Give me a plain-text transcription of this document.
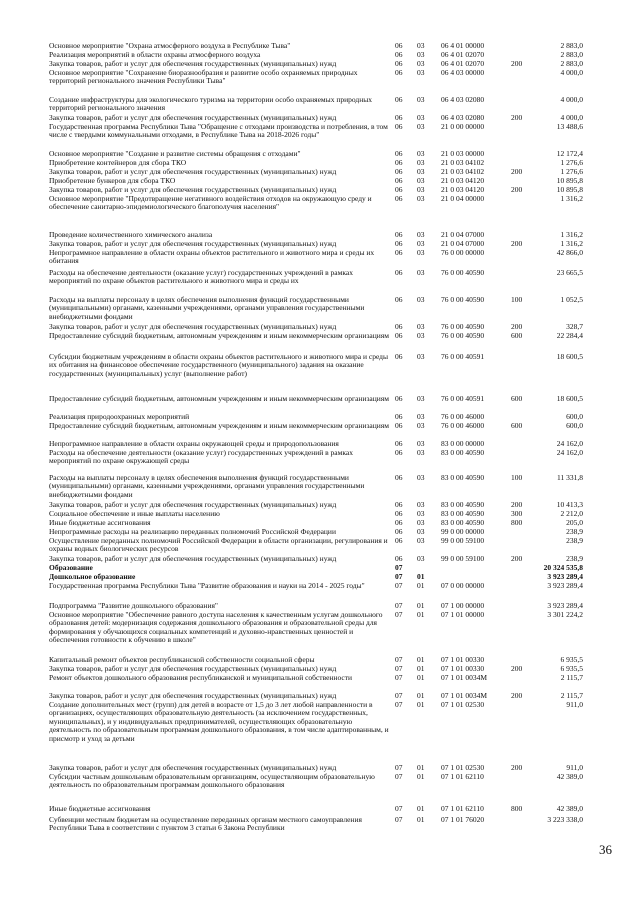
Основное мероприятие "Охрана атмосферного воздуха в Республике Тыва"	06 03 06 4 01 00000	2 883,0
Реализация мероприятий в области охраны атмосферного воздуха	06 03 06 4 01 02070	2 883,0
Закупка товаров, работ и услуг для обеспечения государственных (муниципальных) нужд	06 03 06 4 01 02070	200	2 883,0
Основное мероприятие "Сохранение биоразнообразия и развитие особо охраняемых природных территорий регионального значения Республики Тыва"
06 03 06 4 03 00000	4 000,0
Создание инфраструктуры для экологического туризма на территории особо охраняемых природных территорий регионального значения
06 03 06 4 03 02080	4 000,0
Закупка товаров, работ и услуг для обеспечения государственных (муниципальных) нужд	06 03 06 4 03 02080	200	4 000,0
Государственная программа Республики Тыва "Обращение с отходами производства и потребления, в том числе с твердыми коммунальными отходами, в Республике Тыва на 2018-2026 годы"
06 03 21 0 00 00000	13 488,6
Основное мероприятие "Создание и развитие системы обращения с отходами"	06 03 21 0 03 00000	12 172,4
Приобретение контейнеров для сбора ТКО	06 03 21 0 03 04102	1 276,6
Закупка товаров, работ и услуг для обеспечения государственных (муниципальных) нужд	06 03 21 0 03 04102	200	1 276,6
Приобретение бункеров для сбора ТКО	06 03 21 0 03 04120	10 895,8
Закупка товаров, работ и услуг для обеспечения государственных (муниципальных) нужд	06 03 21 0 03 04120	200	10 895,8
Основное мероприятие "Предотвращение негативного воздействия отходов на окружающую среду и обеспечение санитарно-эпидемиологического благополучия населения"
06 03 21 0 04 00000	1 316,2
Проведение количественного химического анализа	06 03 21 0 04 07000	1 316,2
Закупка товаров, работ и услуг для обеспечения государственных (муниципальных) нужд	06 03 21 0 04 07000	200	1 316,2
Непрограммное направление в области охраны объектов растительного и животного мира и среды их обитания
06 03 76 0 00 00000	42 866,0
Расходы на обеспечение деятельности (оказание услуг) государственных учреждений в рамках мероприятий по охране объектов растительного и животного мира и среды их
06 03 76 0 00 40590	23 665,5
Расходы на выплаты персоналу в целях обеспечения выполнения функций государственными (муниципальными) органами, казенными учреждениями, органами управления государственными внебюджетными фондами
06 03 76 0 00 40590	100	1 052,5
Закупка товаров, работ и услуг для обеспечения государственных (муниципальных) нужд	06 03 76 0 00 40590	200	328,7
Предоставление субсидий бюджетным, автономным учреждениям и иным некоммерческим организациям 06 03 76 0 00 40590	600	22 284,4
Субсидии бюджетным учреждениям в области охраны объектов растительного и животного мира и среды их обитания на финансовое обеспечение государственного (муниципального) задания на оказание государственных (муниципальных) услуг (выполнение работ)
06 03 76 0 00 40591	18 600,5
Предоставление субсидий бюджетным, автономным учреждениям и иным некоммерческим организациям 06 03 76 0 00 40591	600	18 600,5
Реализация природоохранных мероприятий	06 03 76 0 00 46000	600,0
Предоставление субсидий бюджетным, автономным учреждениям и иным некоммерческим организациям 06 03 76 0 00 46000	600	600,0
Непрограммное направление в области охраны окружающей среды и природопользования	06 03 83 0 00 00000	24 162,0
Расходы на обеспечение деятельности (оказание услуг) государственных учреждений в рамках мероприятий по охране окружающей среды
06 03 83 0 00 40590	24 162,0
Расходы на выплаты персоналу в целях обеспечения выполнения функций государственными (муниципальными) органами, казенными учреждениями, органами управления государственными внебюджетными фондами
06 03 83 0 00 40590	100	11 331,8
Закупка товаров, работ и услуг для обеспечения государственных (муниципальных) нужд	06 03 83 0 00 40590	200	10 413,3
Социальное обеспечение и иные выплаты населению	06 03 83 0 00 40590	300	2 212,0
Иные бюджетные ассигнования	06 03 83 0 00 40590	800	205,0
Непрограммные расходы на реализацию переданных полномочий Российской Федерации	06 03 99 0 00 00000	238,9
Осуществление переданных полномочий Российской Федерации в области организации, регулирования и охраны водных биологических ресурсов
06 03 99 0 00 59100	238,9
Закупка товаров, работ и услуг для обеспечения государственных (муниципальных) нужд	06 03 99 0 00 59100	200	238,9
Образование	07	20 324 535,8
Дошкольное образование	07 01	3 923 289,4
Государственная программа Республики Тыва "Развитие образования и науки на 2014 - 2025 годы"	07 01 07 0 00 00000	3 923 289,4
Подпрограмма "Развитие дошкольного образования"	07 01 07 1 00 00000	3 923 289,4
Основное мероприятие "Обеспечение равного доступа населения к качественным услугам дошкольного образования детей: модернизация содержания дошкольного образования и образовательной среды для формирования у обучающихся социальных компетенций и духовно-нравственных ценностей и обеспечения готовности к обучению в школе"
07 01 07 1 01 00000	3 301 224,2
Капитальный ремонт объектов республиканской собственности социальной сферы	07 01 07 1 01 00330	6 935,5
Закупка товаров, работ и услуг для обеспечения государственных (муниципальных) нужд	07 01 07 1 01 00330	200	6 935,5
Ремонт объектов дошкольного образования республиканской и муниципальной собственности	07 01 07 1 01 0034М	2 115,7
Закупка товаров, работ и услуг для обеспечения государственных (муниципальных) нужд	07 01 07 1 01 0034М	200	2 115,7
Создание дополнительных мест (групп) для детей в возрасте от 1,5 до 3 лет любой направленности в организациях, осуществляющих образовательную деятельность (за исключением государственных, муниципальных), и у индивидуальных предпринимателей, осуществляющих образовательную деятельность по образовательным программам дошкольного образования, в том числе адаптированным, и присмотр и уход за детьми
07 01 07 1 01 02530	911,0
Закупка товаров, работ и услуг для обеспечения государственных (муниципальных) нужд	07 01 07 1 01 02530	200	911,0
Субсидии частным дошкольным образовательным организациям, осуществляющим образовательную деятельность по образовательным программам дошкольного образования
07 01 07 1 01 62110	42 389,0
Иные бюджетные ассигнования	07 01 07 1 01 62110	800	42 389,0
Субвенции местным бюджетам на осуществление переданных органам местного самоуправления Республики Тыва в соответствии с пунктом 3 статьи 6 Закона Республики
07 01 07 1 01 76020	3 223 338,0
36
